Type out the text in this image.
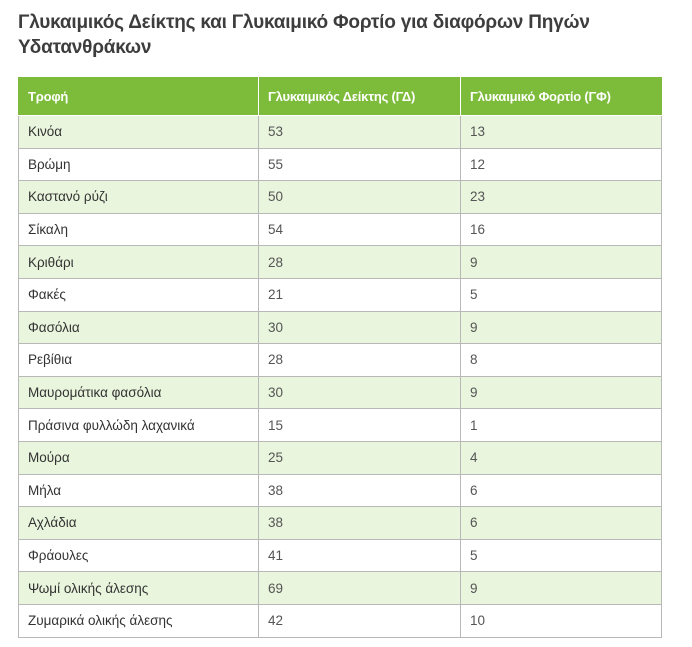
Γλυκαιμικός Δείκτης και Γλυκαιμικό Φορτίο για διαφόρων Πηγών Υδατανθράκων
Τροφή	Γλυκαιμικός Δείκτης (ΓΔ)	Γλυκαιμικό Φορτίο (ΓΦ)
Κινόα	53	13
Βρώμη	55	12
Καστανό ρύζι	50	23
Σίκαλη	54	16
Κριθάρι	28	9
Φακές	21	5
Φασόλια	30	9
Ρεβίθια	28	8
Μαυρομάτικα φασόλια	30	9
Πράσινα φυλλώδη λαχανικά	15	1
Μούρα	25	4
Μήλα	38	6
Αχλάδια	38	6
Φράουλες	41	5
Ψωμί ολικής άλεσης	69	9
Ζυμαρικά ολικής άλεσης	42	10
